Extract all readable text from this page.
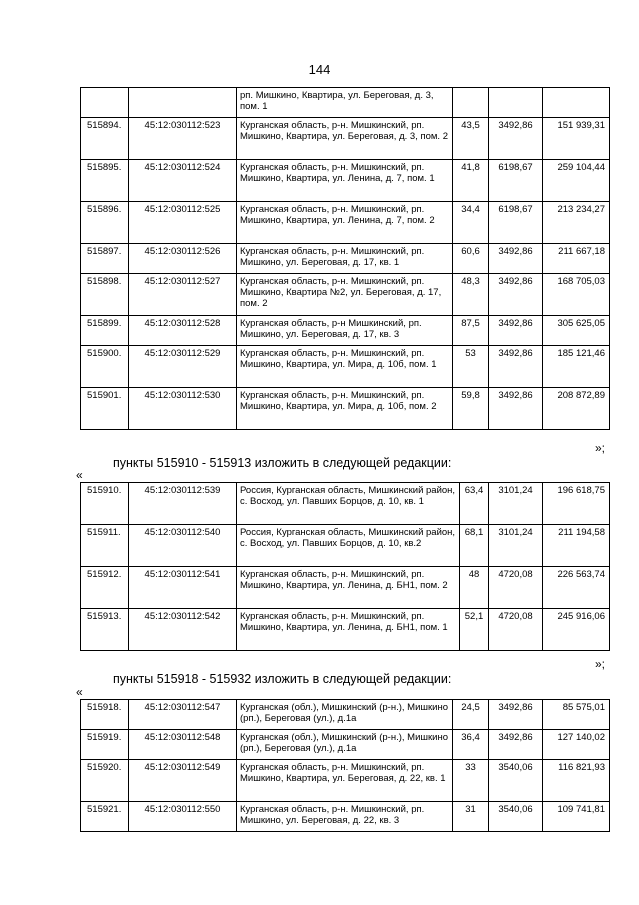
144
		рп. Мишкино, Квартира, ул. Береговая, д. 3, пом. 1			
515894.	45:12:030112:523	Курганская область, р-н. Мишкинский, рп. Мишкино, Квартира, ул. Береговая, д. 3, пом. 2	43,5	3492,86	151 939,31
515895.	45:12:030112:524	Курганская область, р-н. Мишкинский, рп. Мишкино, Квартира, ул. Ленина, д. 7, пом. 1	41,8	6198,67	259 104,44
515896.	45:12:030112:525	Курганская область, р-н. Мишкинский, рп. Мишкино, Квартира, ул. Ленина, д. 7, пом. 2	34,4	6198,67	213 234,27
515897.	45:12:030112:526	Курганская область, р-н. Мишкинский, рп. Мишкино, ул. Береговая, д. 17, кв. 1	60,6	3492,86	211 667,18
515898.	45:12:030112:527	Курганская область, р-н. Мишкинский, рп. Мишкино, Квартира №2, ул. Береговая, д. 17, пом. 2	48,3	3492,86	168 705,03
515899.	45:12:030112:528	Курганская область, р-н Мишкинский, рп. Мишкино, ул. Береговая, д. 17, кв. 3	87,5	3492,86	305 625,05
515900.	45:12:030112:529	Курганская область, р-н. Мишкинский, рп. Мишкино, Квартира, ул. Мира, д. 10б, пом. 1	53	3492,86	185 121,46
515901.	45:12:030112:530	Курганская область, р-н. Мишкинский, рп. Мишкино, Квартира, ул. Мира, д. 10б, пом. 2	59,8	3492,86	208 872,89
»;
пункты 515910 - 515913 изложить в следующей редакции:
«
515910.	45:12:030112:539	Россия, Курганская область, Мишкинский район, с. Восход, ул. Павших Борцов, д. 10, кв. 1	63,4	3101,24	196 618,75
515911.	45:12:030112:540	Россия, Курганская область, Мишкинский район, с. Восход, ул. Павших Борцов, д. 10, кв.2	68,1	3101,24	211 194,58
515912.	45:12:030112:541	Курганская область, р-н. Мишкинский, рп. Мишкино, Квартира, ул. Ленина, д. БН1, пом. 2	48	4720,08	226 563,74
515913.	45:12:030112:542	Курганская область, р-н. Мишкинский, рп. Мишкино, Квартира, ул. Ленина, д. БН1, пом. 1	52,1	4720,08	245 916,06
»;
пункты 515918 - 515932 изложить в следующей редакции:
«
515918.	45:12:030112:547	Курганская (обл.), Мишкинский (р-н.), Мишкино (рп.), Береговая (ул.), д.1а	24,5	3492,86	85 575,01
515919.	45:12:030112:548	Курганская (обл.), Мишкинский (р-н.), Мишкино (рп.), Береговая (ул.), д.1а	36,4	3492,86	127 140,02
515920.	45:12:030112:549	Курганская область, р-н. Мишкинский, рп. Мишкино, Квартира, ул. Береговая, д. 22, кв. 1	33	3540,06	116 821,93
515921.	45:12:030112:550	Курганская область, р-н. Мишкинский, рп. Мишкино, ул. Береговая, д. 22, кв. 3	31	3540,06	109 741,81
